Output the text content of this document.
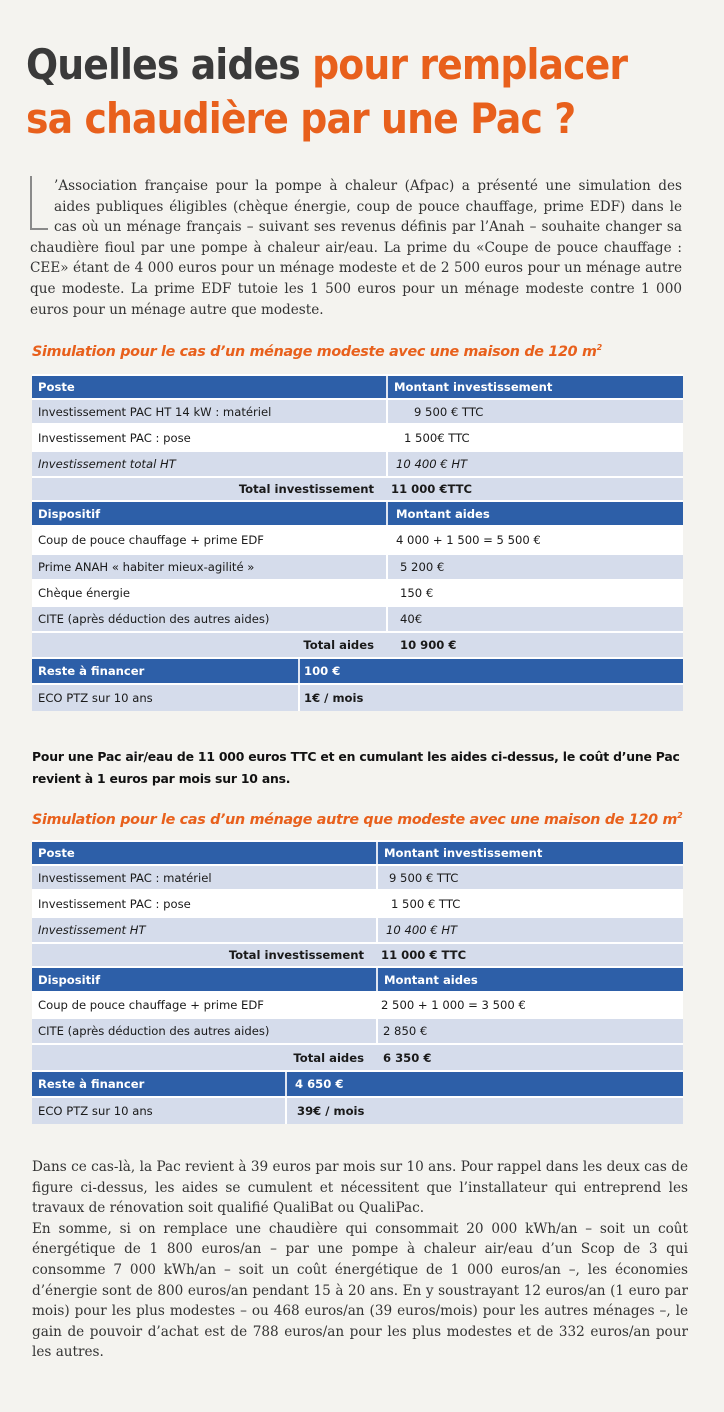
Quelles aides pour remplacer
sa chaudière par une Pac ?
’Association française pour la pompe à chaleur (Afpac) a présenté une simulation des aides publiques éligibles (chèque énergie, coup de pouce chauffage, prime EDF) dans le cas où un ménage français – suivant ses revenus définis par l’Anah – souhaite changer sa chaudière fioul par une pompe à chaleur air/eau. La prime du «Coupe de pouce chauffage : CEE» étant de 4 000 euros pour un ménage modeste et de 2 500 euros pour un ménage autre que modeste. La prime EDF tutoie les 1 500 euros pour un ménage modeste contre 1 000 euros pour un ménage autre que modeste.
Simulation pour le cas d’un ménage modeste avec une maison de 120 $m^2$
Poste	Montant investissement
Investissement PAC HT 14 kW : matériel	9 500 € TTC
Investissement PAC : pose	1 500€ TTC
Investissement total HT	10 400 € HT
Total investissement 11 000 €TTC
Dispositif	Montant aides
Coup de pouce chauffage + prime EDF	4 000 + 1 500 = 5 500 €
Prime ANAH « habiter mieux-agilité »	5 200 €
Chèque énergie	150 €
CITE (après déduction des autres aides)	40€
Total aides 10 900 €
Reste à financer	100 €
ECO PTZ sur 10 ans	1€ / mois
Pour une Pac air/eau de 11 000 euros TTC et en cumulant les aides ci-dessus, le coût d’une Pac revient à 1 euros par mois sur 10 ans.
Simulation pour le cas d’un ménage autre que modeste avec une maison de 120 $m^2$
Poste	Montant investissement
Investissement PAC : matériel	9 500 € TTC
Investissement PAC : pose	1 500 € TTC
Investissement HT	10 400 € HT
Total investissement 11 000 € TTC
Dispositif	Montant aides
Coup de pouce chauffage + prime EDF	2 500 + 1 000 = 3 500 €
CITE (après déduction des autres aides)	2 850 €
Total aides 6 350 €
Reste à financer	4 650 €
ECO PTZ sur 10 ans	39€ / mois

Dans ce cas-là, la Pac revient à 39 euros par mois sur 10 ans. Pour rappel dans les deux cas de figure ci-dessus, les aides se cumulent et nécessitent que l’installateur qui entreprend les travaux de rénovation soit qualifié QualiBat ou QualiPac.

En somme, si on remplace une chaudière qui consommait 20 000 kWh/an – soit un coût énergétique de 1 800 euros/an – par une pompe à chaleur air/eau d’un Scop de 3 qui consomme 7 000 kWh/an – soit un coût énergétique de 1 000 euros/an –, les économies d’énergie sont de 800 euros/an pendant 15 à 20 ans. En y soustrayant 12 euros/an (1 euro par mois) pour les plus modestes – ou 468 euros/an (39 euros/mois) pour les autres ménages –, le gain de pouvoir d’achat est de 788 euros/an pour les plus modestes et de 332 euros/an pour les autres.
